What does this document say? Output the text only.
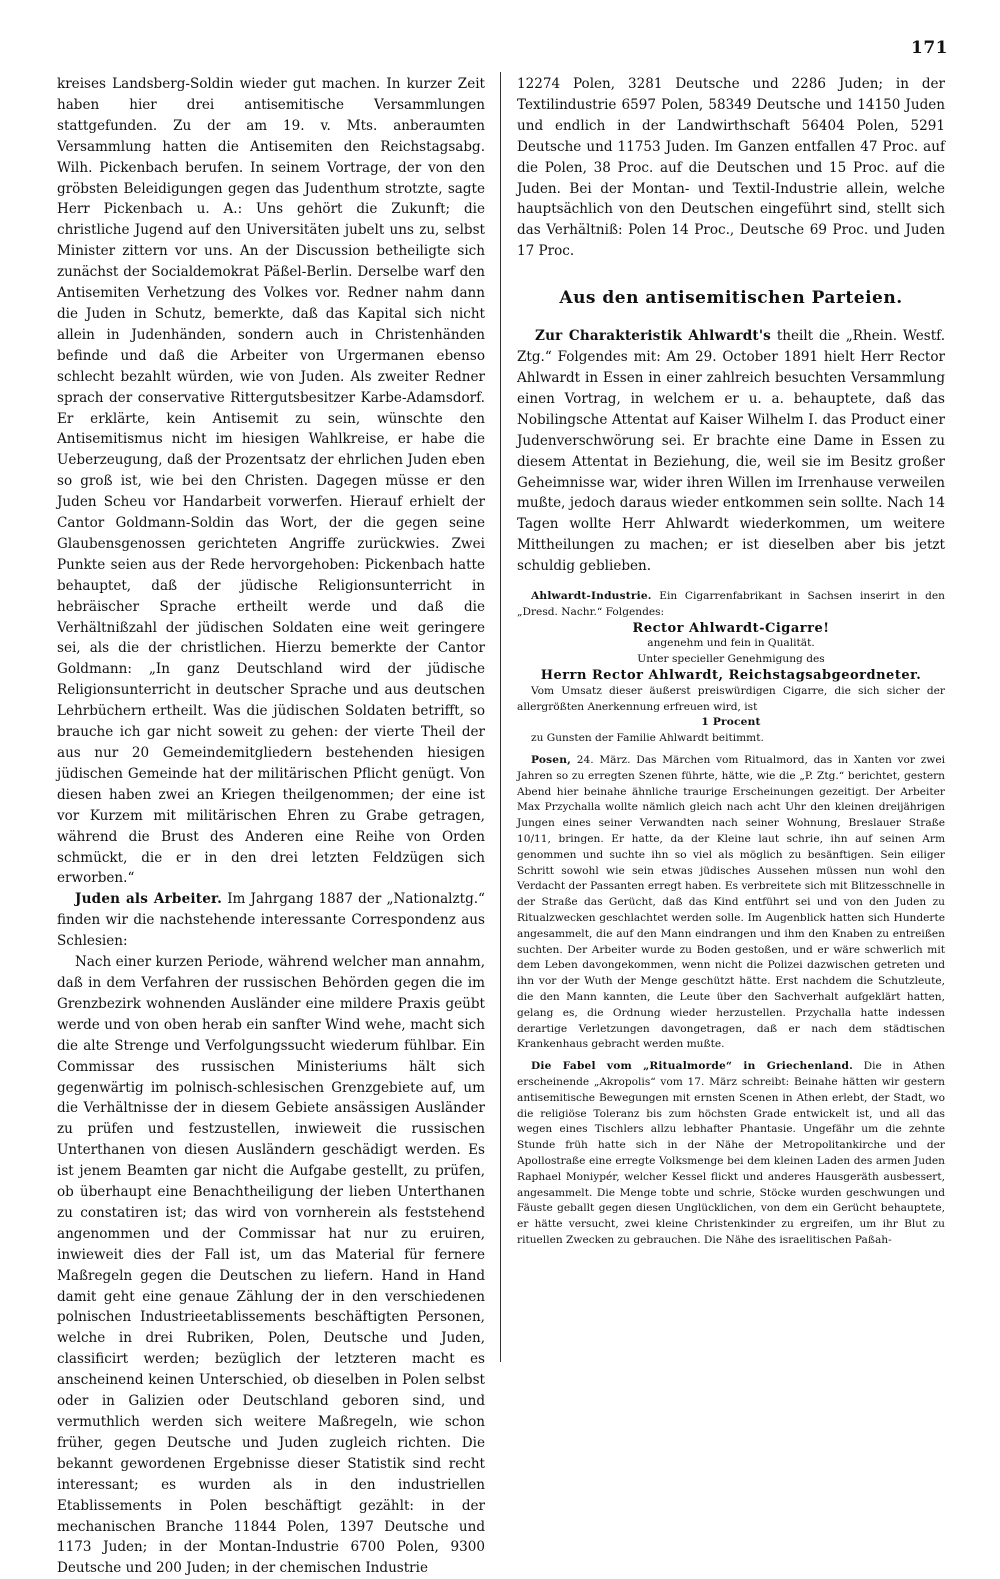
171

kreises Landsberg-Soldin wieder gut machen. In kurzer Zeit haben hier drei antisemitische Versammlungen stattgefunden. Zu der am 19. v. Mts. anberaumten Versammlung hatten die Antisemiten den Reichstagsabg. Wilh. Pickenbach berufen. In seinem Vortrage, der von den gröbsten Beleidigungen gegen das Judenthum strotzte, sagte Herr Pickenbach u. A.: Uns gehört die Zukunft; die christliche Jugend auf den Universitäten jubelt uns zu, selbst Minister zittern vor uns. An der Discussion betheiligte sich zunächst der Socialdemokrat Päßel-Berlin. Derselbe warf den Antisemiten Verhetzung des Volkes vor. Redner nahm dann die Juden in Schutz, bemerkte, daß das Kapital sich nicht allein in Judenhänden, sondern auch in Christenhänden befinde und daß die Arbeiter von Urgermanen ebenso schlecht bezahlt würden, wie von Juden. Als zweiter Redner sprach der conservative Rittergutsbesitzer Karbe-Adamsdorf. Er erklärte, kein Antisemit zu sein, wünschte den Antisemitismus nicht im hiesigen Wahlkreise, er habe die Ueberzeugung, daß der Prozentsatz der ehrlichen Juden eben so groß ist, wie bei den Christen. Dagegen müsse er den Juden Scheu vor Handarbeit vorwerfen. Hierauf erhielt der Cantor Goldmann-Soldin das Wort, der die gegen seine Glaubensgenossen gerichteten Angriffe zurückwies. Zwei Punkte seien aus der Rede hervorgehoben: Pickenbach hatte behauptet, daß der jüdische Religionsunterricht in hebräischer Sprache ertheilt werde und daß die Verhältnißzahl der jüdischen Soldaten eine weit geringere sei, als die der christlichen. Hierzu bemerkte der Cantor Goldmann: „In ganz Deutschland wird der jüdische Religionsunterricht in deutscher Sprache und aus deutschen Lehrbüchern ertheilt. Was die jüdischen Soldaten betrifft, so brauche ich gar nicht soweit zu gehen: der vierte Theil der aus nur 20 Gemeindemitgliedern bestehenden hiesigen jüdischen Gemeinde hat der militärischen Pflicht genügt. Von diesen haben zwei an Kriegen theilgenommen; der eine ist vor Kurzem mit militärischen Ehren zu Grabe getragen, während die Brust des Anderen eine Reihe von Orden schmückt, die er in den drei letzten Feldzügen sich erworben.“

Juden als Arbeiter. Im Jahrgang 1887 der „Nationalztg.“ finden wir die nachstehende interessante Correspondenz aus Schlesien:

Nach einer kurzen Periode, während welcher man annahm, daß in dem Verfahren der russischen Behörden gegen die im Grenzbezirk wohnenden Ausländer eine mildere Praxis geübt werde und von oben herab ein sanfter Wind wehe, macht sich die alte Strenge und Verfolgungssucht wiederum fühlbar. Ein Commissar des russischen Ministeriums hält sich gegenwärtig im polnisch-schlesischen Grenzgebiete auf, um die Verhältnisse der in diesem Gebiete ansässigen Ausländer zu prüfen und festzustellen, inwieweit die russischen Unterthanen von diesen Ausländern geschädigt werden. Es ist jenem Beamten gar nicht die Aufgabe gestellt, zu prüfen, ob überhaupt eine Benachtheiligung der lieben Unterthanen zu constatiren ist; das wird von vornherein als feststehend angenommen und der Commissar hat nur zu eruiren, inwieweit dies der Fall ist, um das Material für fernere Maßregeln gegen die Deutschen zu liefern. Hand in Hand damit geht eine genaue Zählung der in den verschiedenen polnischen Industrieetablissements beschäftigten Personen, welche in drei Rubriken, Polen, Deutsche und Juden, classificirt werden; bezüglich der letzteren macht es anscheinend keinen Unterschied, ob dieselben in Polen selbst oder in Galizien oder Deutschland geboren sind, und vermuthlich werden sich weitere Maßregeln, wie schon früher, gegen Deutsche und Juden zugleich richten. Die bekannt gewordenen Ergebnisse dieser Statistik sind recht interessant; es wurden als in den industriellen Etablissements in Polen beschäftigt gezählt: in der mechanischen Branche 11844 Polen, 1397 Deutsche und 1173 Juden; in der Montan-Industrie 6700 Polen, 9300 Deutsche und 200 Juden; in der chemischen Industrie

12274 Polen, 3281 Deutsche und 2286 Juden; in der Textilindustrie 6597 Polen, 58349 Deutsche und 14150 Juden und endlich in der Landwirthschaft 56404 Polen, 5291 Deutsche und 11753 Juden. Im Ganzen entfallen 47 Proc. auf die Polen, 38 Proc. auf die Deutschen und 15 Proc. auf die Juden. Bei der Montan- und Textil-Industrie allein, welche hauptsächlich von den Deutschen eingeführt sind, stellt sich das Verhältniß: Polen 14 Proc., Deutsche 69 Proc. und Juden 17 Proc.

Aus den antisemitischen Parteien.

Zur Charakteristik Ahlwardt's theilt die „Rhein. Westf. Ztg.“ Folgendes mit: Am 29. October 1891 hielt Herr Rector Ahlwardt in Essen in einer zahlreich besuchten Versammlung einen Vortrag, in welchem er u. a. behauptete, daß das Nobilingsche Attentat auf Kaiser Wilhelm I. das Product einer Judenverschwörung sei. Er brachte eine Dame in Essen zu diesem Attentat in Beziehung, die, weil sie im Besitz großer Geheimnisse war, wider ihren Willen im Irrenhause verweilen mußte, jedoch daraus wieder entkommen sein sollte. Nach 14 Tagen wollte Herr Ahlwardt wiederkommen, um weitere Mittheilungen zu machen; er ist dieselben aber bis jetzt schuldig geblieben.

Ahlwardt-Industrie. Ein Cigarrenfabrikant in Sachsen inserirt in den „Dresd. Nachr.“ Folgendes:

Rector Ahlwardt-Cigarre!

angenehm und fein in Qualität.

Unter specieller Genehmigung des

Herrn Rector Ahlwardt, Reichstagsabgeordneter.

Vom Umsatz dieser äußerst preiswürdigen Cigarre, die sich sicher der allergrößten Anerkennung erfreuen wird, ist

1 Procent

zu Gunsten der Familie Ahlwardt beitimmt.

Posen, 24. März. Das Märchen vom Ritualmord, das in Xanten vor zwei Jahren so zu erregten Szenen führte, hätte, wie die „P. Ztg.“ berichtet, gestern Abend hier beinahe ähnliche traurige Erscheinungen gezeitigt. Der Arbeiter Max Przychalla wollte nämlich gleich nach acht Uhr den kleinen dreijährigen Jungen eines seiner Verwandten nach seiner Wohnung, Breslauer Straße 10/11, bringen. Er hatte, da der Kleine laut schrie, ihn auf seinen Arm genommen und suchte ihn so viel als möglich zu besänftigen. Sein eiliger Schritt sowohl wie sein etwas jüdisches Aussehen müssen nun wohl den Verdacht der Passanten erregt haben. Es verbreitete sich mit Blitzesschnelle in der Straße das Gerücht, daß das Kind entführt sei und von den Juden zu Ritualzwecken geschlachtet werden solle. Im Augenblick hatten sich Hunderte angesammelt, die auf den Mann eindrangen und ihm den Knaben zu entreißen suchten. Der Arbeiter wurde zu Boden gestoßen, und er wäre schwerlich mit dem Leben davongekommen, wenn nicht die Polizei dazwischen getreten und ihn vor der Wuth der Menge geschützt hätte. Erst nachdem die Schutzleute, die den Mann kannten, die Leute über den Sachverhalt aufgeklärt hatten, gelang es, die Ordnung wieder herzustellen. Przychalla hatte indessen derartige Verletzungen davongetragen, daß er nach dem städtischen Krankenhaus gebracht werden mußte.

Die Fabel vom „Ritualmorde“ in Griechenland. Die in Athen erscheinende „Akropolis“ vom 17. März schreibt: Beinahe hätten wir gestern antisemitische Bewegungen mit ernsten Scenen in Athen erlebt, der Stadt, wo die religiöse Toleranz bis zum höchsten Grade entwickelt ist, und all das wegen eines Tischlers allzu lebhafter Phantasie. Ungefähr um die zehnte Stunde früh hatte sich in der Nähe der Metropolitankirche und der Apollostraße eine erregte Volksmenge bei dem kleinen Laden des armen Juden Raphael Moniypér, welcher Kessel flickt und anderes Hausgeräth ausbessert, angesammelt. Die Menge tobte und schrie, Stöcke wurden geschwungen und Fäuste geballt gegen diesen Unglücklichen, von dem ein Gerücht behauptete, er hätte versucht, zwei kleine Christenkinder zu ergreifen, um ihr Blut zu rituellen Zwecken zu gebrauchen. Die Nähe des israelitischen Paßah-
